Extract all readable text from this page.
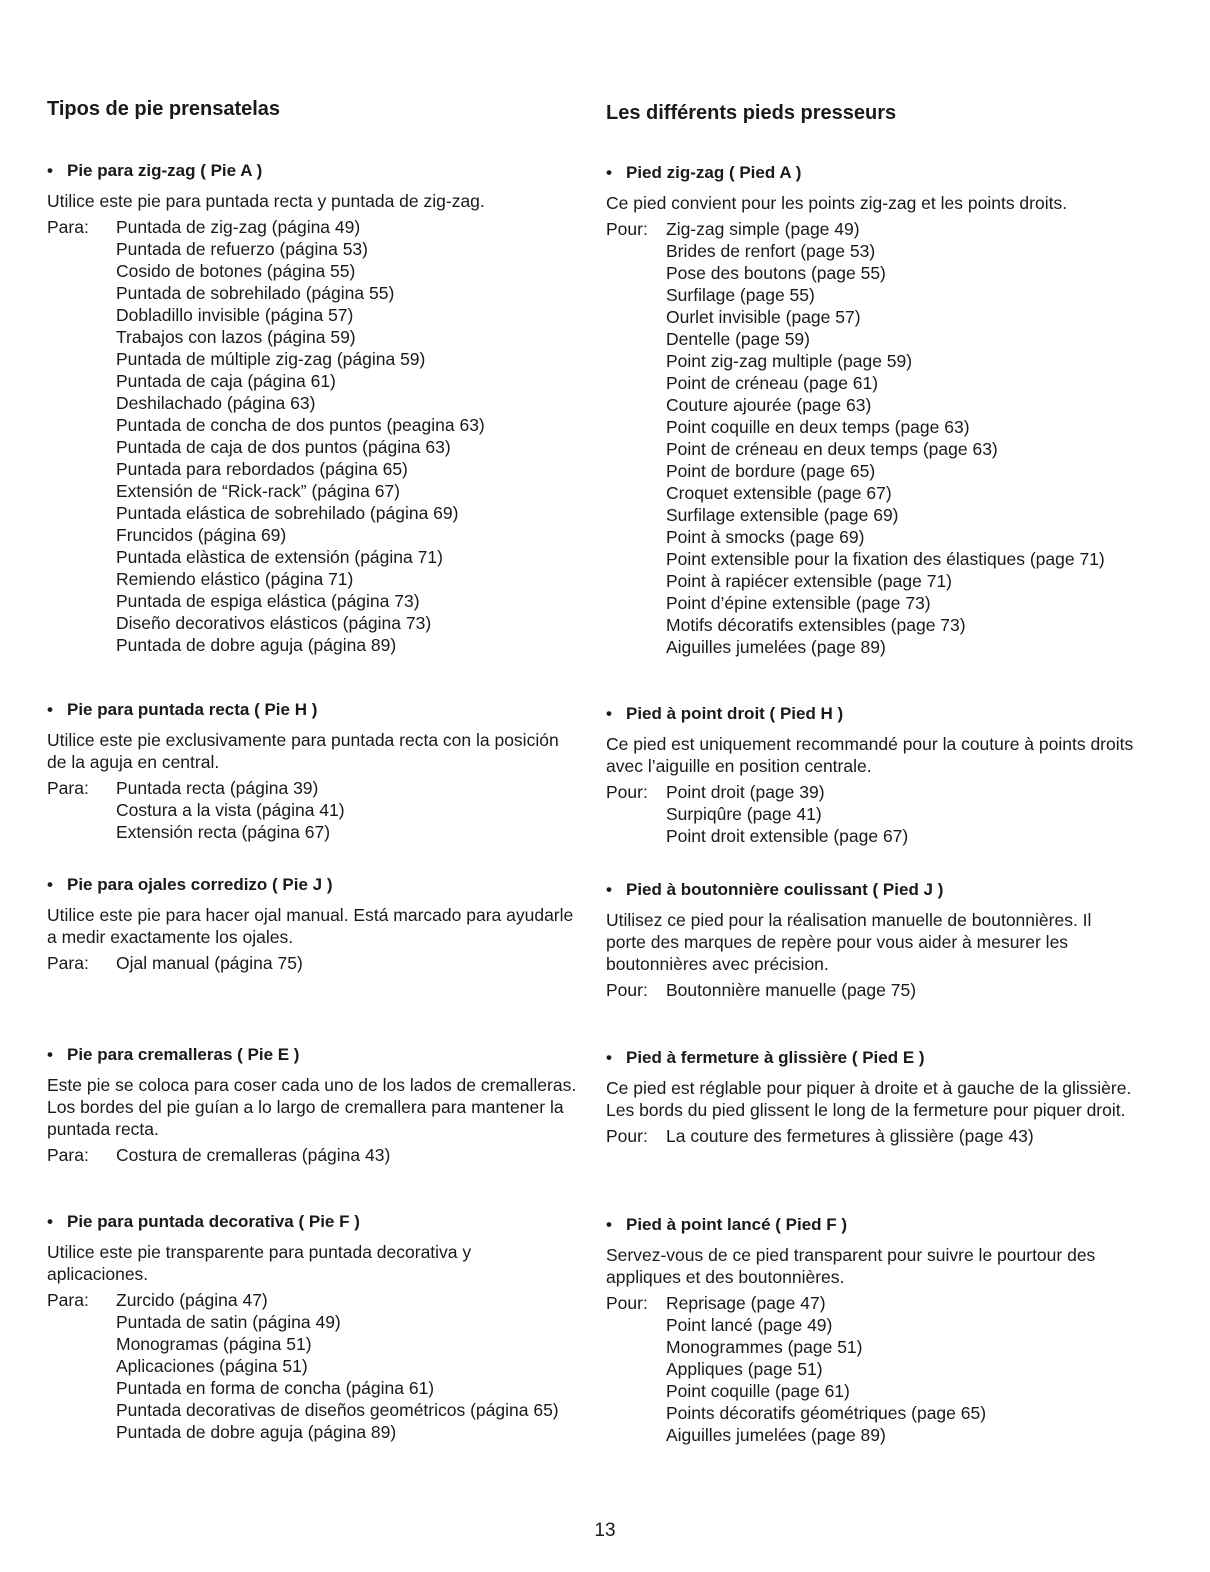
Tipos de pie prensatelas	Les différents pieds presseurs
• Pie para zig-zag ( Pie A )

Utilice este pie para puntada recta y puntada de zig-zag.

Para:	Puntada de zig-zag (página 49)
Puntada de refuerzo (página 53)
Cosido de botones (página 55)
Puntada de sobrehilado (página 55)
Dobladillo invisible (página 57)
Trabajos con lazos (página 59)
Puntada de múltiple zig-zag (página 59)
Puntada de caja (página 61)
Deshilachado (página 63)
Puntada de concha de dos puntos (peagina 63)
Puntada de caja de dos puntos (página 63)
Puntada para rebordados (página 65)
Extensión de “Rick-rack” (página 67)
Puntada elástica de sobrehilado (página 69)
Fruncidos (página 69)
Puntada elàstica de extensión (página 71)
Remiendo elástico (página 71)
Puntada de espiga elástica (página 73)
Diseño decorativos elásticos (página 73)
Puntada de dobre aguja (página 89)
• Pie para puntada recta ( Pie H )

Utilice este pie exclusivamente para puntada recta con la posición de la aguja en central.

Para:	Puntada recta (página 39)
Costura a la vista (página 41)
Extensión recta (página 67)
• Pie para ojales corredizo ( Pie J )

Utilice este pie para hacer ojal manual. Está marcado para ayudarle a medir exactamente los ojales.

Para:	Ojal manual (página 75)
• Pie para cremalleras ( Pie E )

Este pie se coloca para coser cada uno de los lados de cremalleras. Los bordes del pie guían a lo largo de cremallera para mantener la puntada recta.

Para:	Costura de cremalleras (página 43)
• Pie para puntada decorativa ( Pie F )

Utilice este pie transparente para puntada decorativa y aplicaciones.

Para:	Zurcido (página 47)
Puntada de satin (página 49)
Monogramas (página 51)
Aplicaciones (página 51)
Puntada en forma de concha (página 61)
Puntada decorativas de diseños geométricos (página 65)
Puntada de dobre aguja (página 89)
• Pied zig-zag ( Pied A )

Ce pied convient pour les points zig-zag et les points droits.

Pour:	Zig-zag simple (page 49)
Brides de renfort (page 53)
Pose des boutons (page 55)
Surfilage (page 55)
Ourlet invisible (page 57)
Dentelle (page 59)
Point zig-zag multiple (page 59)
Point de créneau (page 61)
Couture ajourée (page 63)
Point coquille en deux temps (page 63)
Point de créneau en deux temps (page 63)
Point de bordure (page 65)
Croquet extensible (page 67)
Surfilage extensible (page 69)
Point à smocks (page 69)
Point extensible pour la fixation des élastiques (page 71)
Point à rapiécer extensible (page 71)
Point d’épine extensible (page 73)
Motifs décoratifs extensibles (page 73)
Aiguilles jumelées (page 89)
• Pied à point droit ( Pied H )

Ce pied est uniquement recommandé pour la couture à points droits avec l’aiguille en position centrale.

Pour:	Point droit (page 39)
Surpiqûre (page 41)
Point droit extensible (page 67)
• Pied à boutonnière coulissant ( Pied J )

Utilisez ce pied pour la réalisation manuelle de boutonnières. Il porte des marques de repère pour vous aider à mesurer les boutonnières avec précision.

Pour:	Boutonnière manuelle (page 75)
• Pied à fermeture à glissière ( Pied E )

Ce pied est réglable pour piquer à droite et à gauche de la glissière. Les bords du pied glissent le long de la fermeture pour piquer droit.

Pour:	La couture des fermetures à glissière (page 43)
• Pied à point lancé ( Pied F )

Servez-vous de ce pied transparent pour suivre le pourtour des appliques et des boutonnières.

Pour:	Reprisage (page 47)
Point lancé (page 49)
Monogrammes (page 51)
Appliques (page 51)
Point coquille (page 61)
Points décoratifs géométriques (page 65)
Aiguilles jumelées (page 89)
13
